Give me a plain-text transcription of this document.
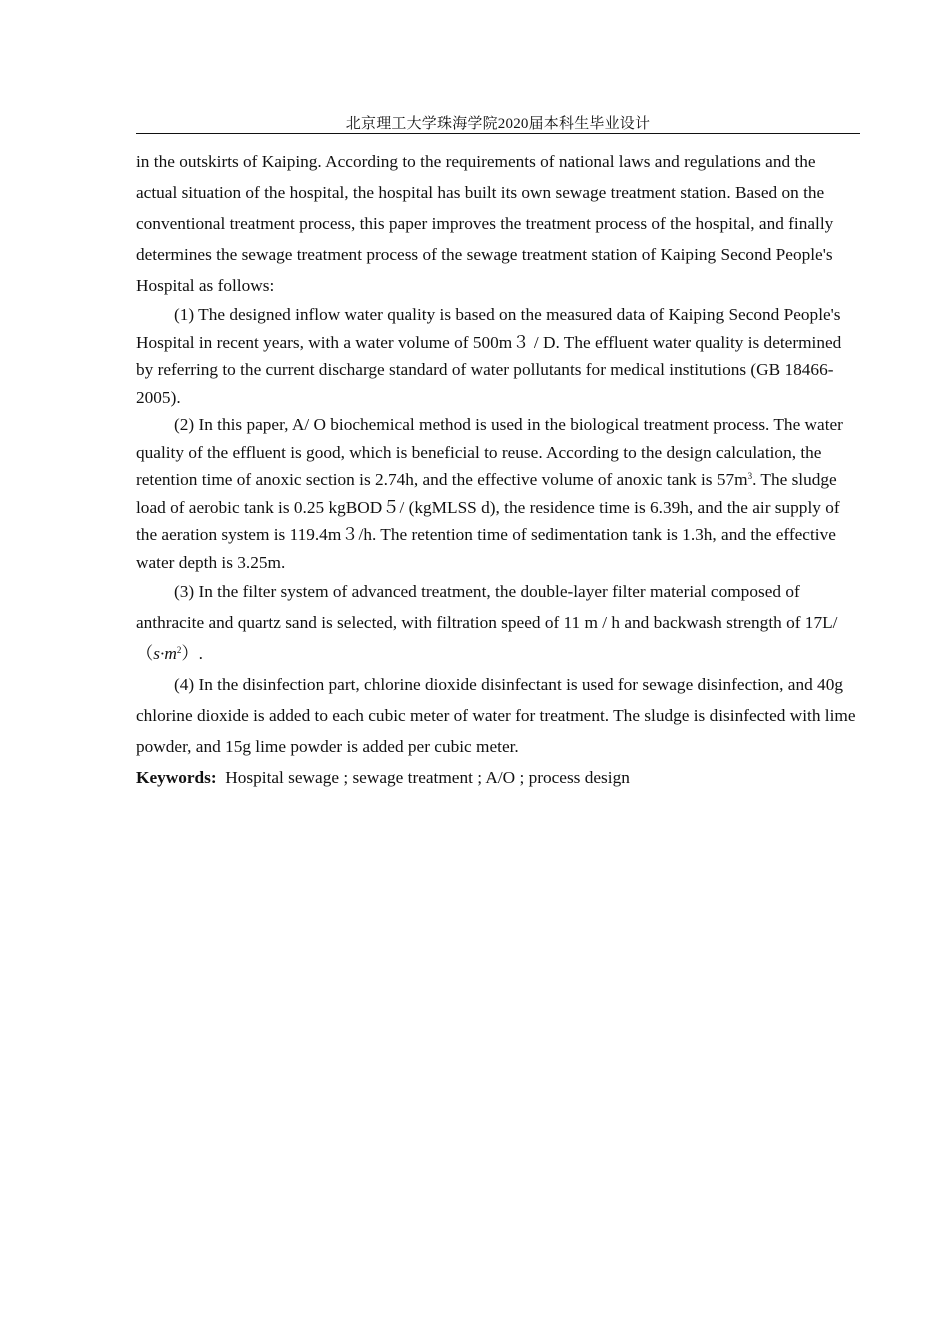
北京理工大学珠海学院2020届本科生毕业设计

in the outskirts of Kaiping. According to the requirements of national laws and regulations and the actual situation of the hospital, the hospital has built its own sewage treatment station. Based on the conventional treatment process, this paper improves the treatment process of the hospital, and finally determines the sewage treatment process of the sewage treatment station of Kaiping Second People's Hospital as follows:

(1) The designed inflow water quality is based on the measured data of Kaiping Second People's Hospital in recent years, with a water volume of 500m３ / D. The effluent water quality is determined by referring to the current discharge standard of water pollutants for medical institutions (GB 18466-2005).

(2) In this paper, A/ O biochemical method is used in the biological treatment process. The water quality of the effluent is good, which is beneficial to reuse. According to the design calculation, the retention time of anoxic section is 2.74h, and the effective volume of anoxic tank is $57m^3$. The sludge load of aerobic tank is 0.25 kgBOD５/ (kgMLSS d), the residence time is 6.39h, and the air supply of the aeration system is 119.4m３/h. The retention time of sedimentation tank is 1.3h, and the effective water depth is 3.25m.

(3) In the filter system of advanced treatment, the double-layer filter material composed of anthracite and quartz sand is selected, with filtration speed of 11 m / h and backwash strength of $17L/(s\cdot m^2)$.

(4) In the disinfection part, chlorine dioxide disinfectant is used for sewage disinfection, and 40g chlorine dioxide is added to each cubic meter of water for treatment. The sludge is disinfected with lime powder, and 15g lime powder is added per cubic meter.

Keywords: Hospital sewage ; sewage treatment ; A/O ; process design
